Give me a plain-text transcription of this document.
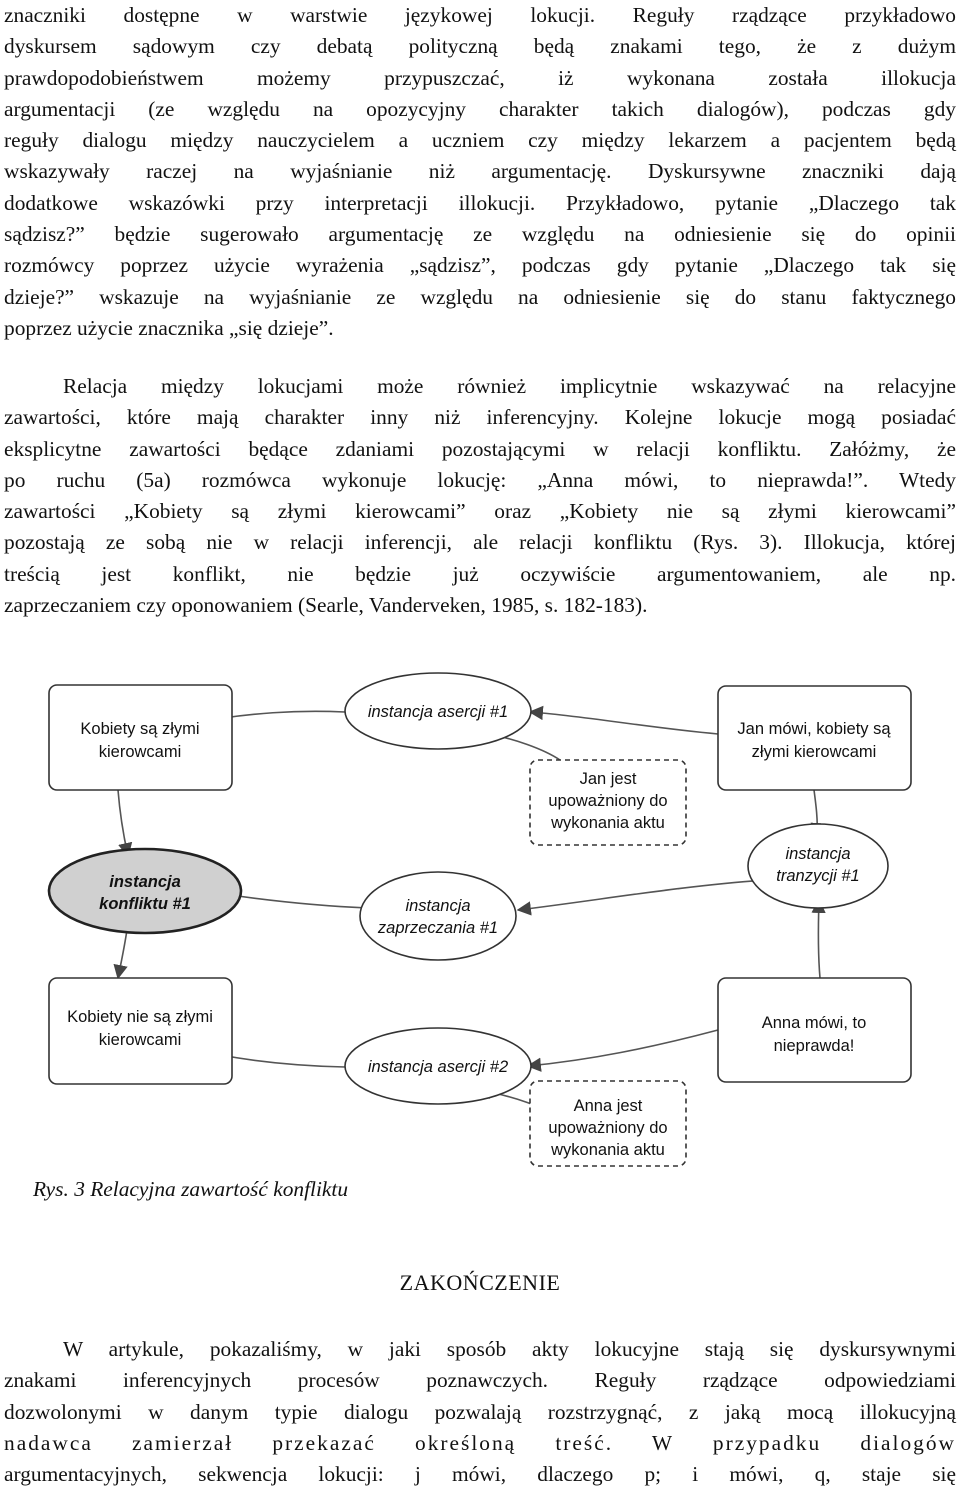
znaczniki dostępne w warstwie językowej lokucji. Reguły rządzące przykładowo
dyskursem sądowym czy debatą polityczną będą znakami tego, że z dużym
prawdopodobieństwem możemy przypuszczać, iż wykonana została illokucja
argumentacji (ze względu na opozycyjny charakter takich dialogów), podczas gdy
reguły dialogu między nauczycielem a uczniem czy między lekarzem a pacjentem będą
wskazywały raczej na wyjaśnianie niż argumentację. Dyskursywne znaczniki dają
dodatkowe wskazówki przy interpretacji illokucji. Przykładowo, pytanie „Dlaczego tak
sądzisz?” będzie sugerowało argumentację ze względu na odniesienie się do opinii
rozmówcy poprzez użycie wyrażenia „sądzisz”, podczas gdy pytanie „Dlaczego tak się
dzieje?” wskazuje na wyjaśnianie ze względu na odniesienie się do stanu faktycznego
poprzez użycie znacznika „się dzieje”.

Relacja między lokucjami może również implicytnie wskazywać na relacyjne
zawartości, które mają charakter inny niż inferencyjny. Kolejne lokucje mogą posiadać
eksplicytne zawartości będące zdaniami pozostającymi w relacji konfliktu. Załóżmy, że
po ruchu (5a) rozmówca wykonuje lokucję: „Anna mówi, to nieprawda!”. Wtedy
zawartości „Kobiety są złymi kierowcami” oraz „Kobiety nie są złymi kierowcami”
pozostają ze sobą nie w relacji inferencji, ale relacji konfliktu (Rys. 3). Illokucja, której
treścią jest konflikt, nie będzie już oczywiście argumentowaniem, ale np.
zaprzeczaniem czy oponowaniem (Searle, Vanderveken, 1985, s. 182-183).

Kobiety są złymi
kierowcami
Kobiety nie są złymi
kierowcami
Jan mówi, kobiety są
złymi kierowcami
Anna mówi, to
nieprawda!
Jan jest
upoważniony do
wykonania aktu
Anna jest
upoważniony do
wykonania aktu
instancja asercji #1
instancja asercji #2
instancja
konfliktu #1	instancja
zaprzeczania #1
instancja
tranzycji #1

Rys. 3 Relacyjna zawartość konfliktu

ZAKOŃCZENIE

W artykule, pokazaliśmy, w jaki sposób akty lokucyjne stają się dyskursywnymi
znakami inferencyjnych procesów poznawczych. Reguły rządzące odpowiedziami
dozwolonymi w danym typie dialogu pozwalają rozstrzygnąć, z jaką mocą illokucyjną
nadawca zamierzał przekazać określoną treść. W przypadku dialogów
argumentacyjnych, sekwencja lokucji: j mówi, dlaczego p; i mówi, q, staje się
